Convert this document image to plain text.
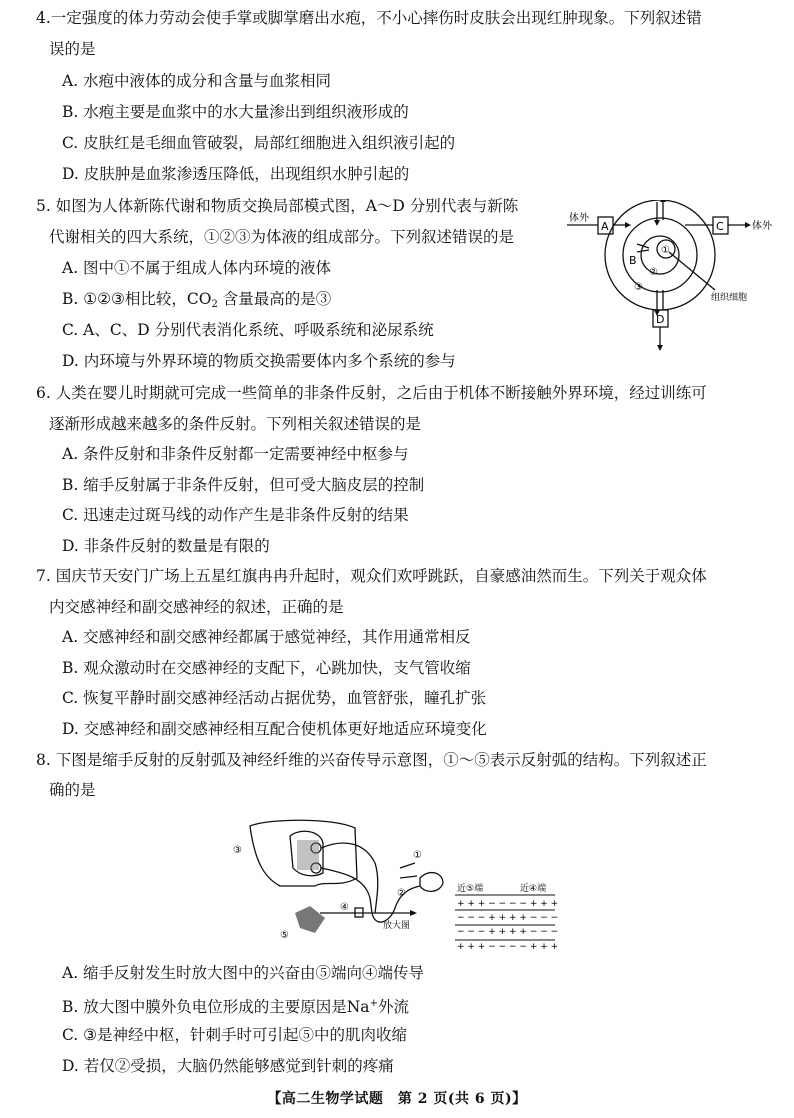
4.一定强度的体力劳动会使手掌或脚掌磨出水疱，不小心摔伤时皮肤会出现红肿现象。下列叙述错
误的是
A. 水疱中液体的成分和含量与血浆相同
B. 水疱主要是血浆中的水大量渗出到组织液形成的
C. 皮肤红是毛细血管破裂，局部红细胞进入组织液引起的
D. 皮肤肿是血浆渗透压降低，出现组织水肿引起的
5. 如图为人体新陈代谢和物质交换局部模式图，A～D 分别代表与新陈
代谢相关的四大系统，①②③为体液的组成部分。下列叙述错误的是
A. 图中①不属于组成人体内环境的液体
B. ①②③相比较，$CO_2$ 含量最高的是③
C. A、C、D 分别代表消化系统、呼吸系统和泌尿系统
D. 内环境与外界环境的物质交换需要体内多个系统的参与
体外
体外
A	C
D
B
①
②
③
组织细胞
6. 人类在婴儿时期就可完成一些简单的非条件反射，之后由于机体不断接触外界环境，经过训练可
逐渐形成越来越多的条件反射。下列相关叙述错误的是
A. 条件反射和非条件反射都一定需要神经中枢参与
B. 缩手反射属于非条件反射，但可受大脑皮层的控制
C. 迅速走过斑马线的动作产生是非条件反射的结果
D. 非条件反射的数量是有限的
7. 国庆节天安门广场上五星红旗冉冉升起时，观众们欢呼跳跃，自豪感油然而生。下列关于观众体
内交感神经和副交感神经的叙述，正确的是
A. 交感神经和副交感神经都属于感觉神经，其作用通常相反
B. 观众激动时在交感神经的支配下，心跳加快，支气管收缩
C. 恢复平静时副交感神经活动占据优势，血管舒张，瞳孔扩张
D. 交感神经和副交感神经相互配合使机体更好地适应环境变化
8. 下图是缩手反射的反射弧及神经纤维的兴奋传导示意图，①～⑤表示反射弧的结构。下列叙述正
确的是
③	①
②
④
⑤
放大图
近⑤端	近④端
+ + + − − − − + + +
− − − + + + + − − −
− − − + + + + − − −
+ + + − − − − + + +
A. 缩手反射发生时放大图中的兴奋由⑤端向④端传导
B. 放大图中膜外负电位形成的主要原因是Na+外流
C. ③是神经中枢，针刺手时可引起⑤中的肌肉收缩
D. 若仅②受损，大脑仍然能够感觉到针刺的疼痛
【高二生物学试题　第 2 页(共 6 页)】
